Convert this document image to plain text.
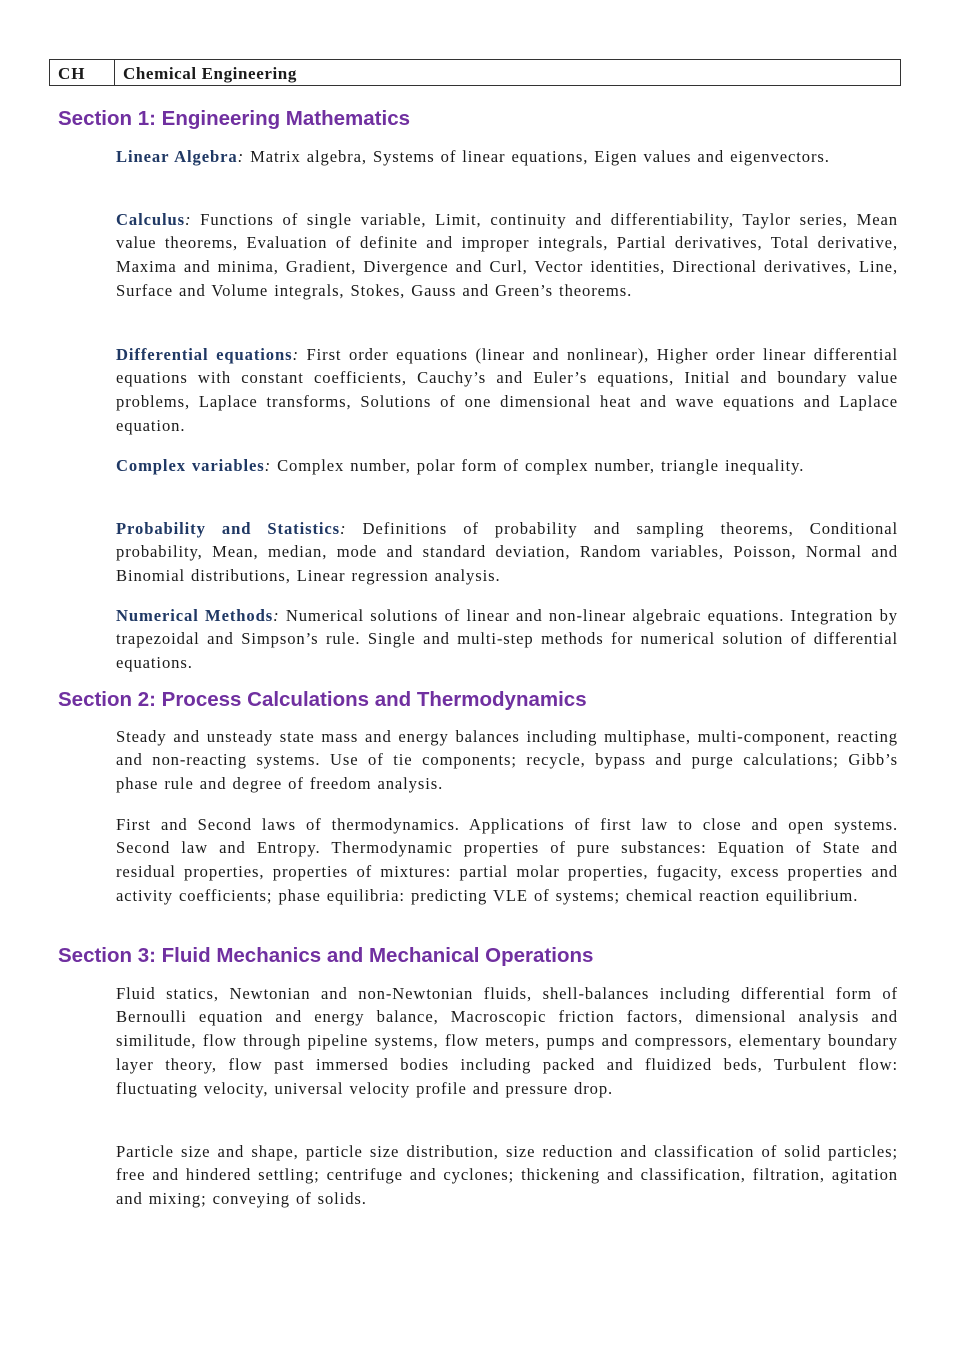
CH	Chemical Engineering
Section 1: Engineering Mathematics

Linear Algebra: Matrix algebra, Systems of linear equations, Eigen values and eigenvectors.

Calculus: Functions of single variable, Limit, continuity and differentiability, Taylor series, Mean value theorems, Evaluation of definite and improper integrals, Partial derivatives, Total derivative, Maxima and minima, Gradient, Divergence and Curl, Vector identities, Directional derivatives, Line, Surface and Volume integrals, Stokes, Gauss and Green’s theorems.

Differential equations: First order equations (linear and nonlinear), Higher order linear differential equations with constant coefficients, Cauchy’s and Euler’s equations, Initial and boundary value problems, Laplace transforms, Solutions of one dimensional heat and wave equations and Laplace equation.

Complex variables: Complex number, polar form of complex number, triangle inequality.

Probability and Statistics: Definitions of probability and sampling theorems, Conditional probability, Mean, median, mode and standard deviation, Random variables, Poisson, Normal and Binomial distributions, Linear regression analysis.

Numerical Methods: Numerical solutions of linear and non-linear algebraic equations. Integration by trapezoidal and Simpson’s rule. Single and multi-step methods for numerical solution of differential equations.

Section 2: Process Calculations and Thermodynamics

Steady and unsteady state mass and energy balances including multiphase, multi-component, reacting and non-reacting systems. Use of tie components; recycle, bypass and purge calculations; Gibb’s phase rule and degree of freedom analysis.

First and Second laws of thermodynamics. Applications of first law to close and open systems. Second law and Entropy. Thermodynamic properties of pure substances: Equation of State and residual properties, properties of mixtures: partial molar properties, fugacity, excess properties and activity coefficients; phase equilibria: predicting VLE of systems; chemical reaction equilibrium.

Section 3: Fluid Mechanics and Mechanical Operations

Fluid statics, Newtonian and non-Newtonian fluids, shell-balances including differential form of Bernoulli equation and energy balance, Macroscopic friction factors, dimensional analysis and similitude, flow through pipeline systems, flow meters, pumps and compressors, elementary boundary layer theory, flow past immersed bodies including packed and fluidized beds, Turbulent flow: fluctuating velocity, universal velocity profile and pressure drop.

Particle size and shape, particle size distribution, size reduction and classification of solid particles; free and hindered settling; centrifuge and cyclones; thickening and classification, filtration, agitation and mixing; conveying of solids.
